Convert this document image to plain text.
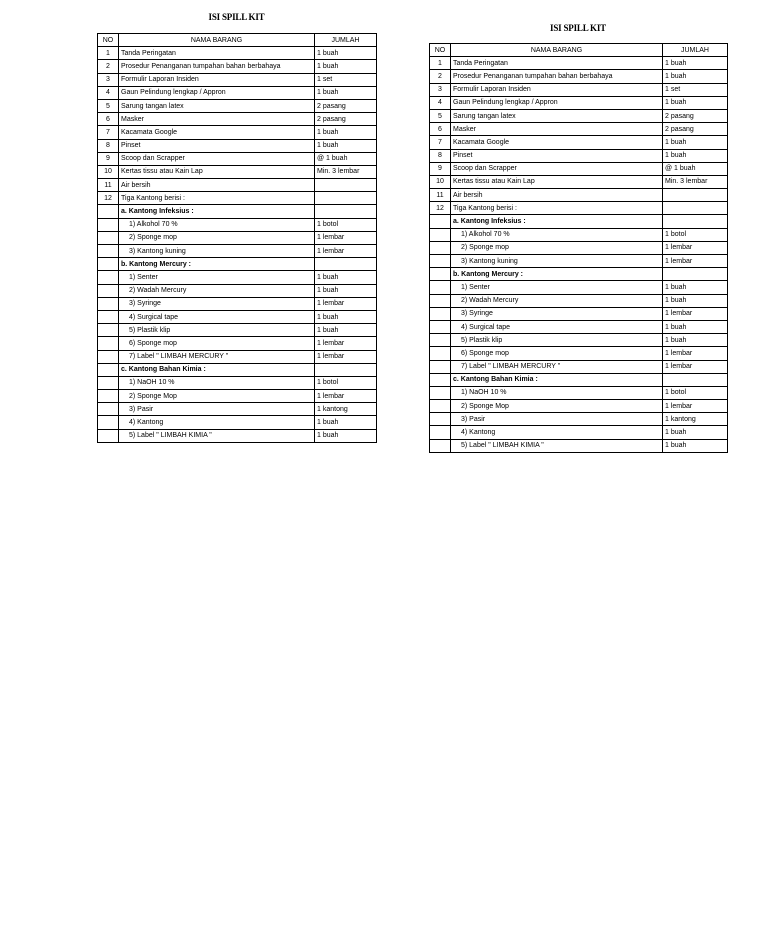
ISI SPILL KIT
NO	NAMA BARANG	JUMLAH
1	Tanda Peringatan	1 buah
2	Prosedur Penanganan tumpahan bahan berbahaya	1 buah
3	Formulir Laporan Insiden	1 set
4	Gaun Pelindung lengkap / Appron	1 buah
5	Sarung tangan latex	2 pasang
6	Masker	2 pasang
7	Kacamata Google	1 buah
8	Pinset	1 buah
9	Scoop dan Scrapper	@ 1 buah
10	Kertas tissu atau Kain Lap	Min. 3 lembar
11	Air bersih	
12	Tiga Kantong berisi :	
	a. Kantong Infeksius :	
	1) Alkohol 70 %	1 botol
	2) Sponge mop	1 lembar
	3) Kantong kuning	1 lembar
	b. Kantong Mercury :	
	1) Senter	1 buah
	2) Wadah Mercury	1 buah
	3) Syringe	1 lembar
	4) Surgical tape	1 buah
	5) Plastik klip	1 buah
	6) Sponge mop	1 lembar
	7) Label " LIMBAH MERCURY "	1 lembar
	c. Kantong Bahan Kimia :	
	1) NaOH 10 %	1 botol
	2) Sponge Mop	1 lembar
	3) Pasir	1 kantong
	4) Kantong	1 buah
	5) Label " LIMBAH KIMIA "	1 buah
ISI SPILL KIT
NO	NAMA BARANG	JUMLAH
1	Tanda Peringatan	1 buah
2	Prosedur Penanganan tumpahan bahan berbahaya	1 buah
3	Formulir Laporan Insiden	1 set
4	Gaun Pelindung lengkap / Appron	1 buah
5	Sarung tangan latex	2 pasang
6	Masker	2 pasang
7	Kacamata Google	1 buah
8	Pinset	1 buah
9	Scoop dan Scrapper	@ 1 buah
10	Kertas tissu atau Kain Lap	Min. 3 lembar
11	Air bersih	
12	Tiga Kantong berisi :	
	a. Kantong Infeksius :	
	1) Alkohol 70 %	1 botol
	2) Sponge mop	1 lembar
	3) Kantong kuning	1 lembar
	b. Kantong Mercury :	
	1) Senter	1 buah
	2) Wadah Mercury	1 buah
	3) Syringe	1 lembar
	4) Surgical tape	1 buah
	5) Plastik klip	1 buah
	6) Sponge mop	1 lembar
	7) Label " LIMBAH MERCURY "	1 lembar
	c. Kantong Bahan Kimia :	
	1) NaOH 10 %	1 botol
	2) Sponge Mop	1 lembar
	3) Pasir	1 kantong
	4) Kantong	1 buah
	5) Label " LIMBAH KIMIA "	1 buah
